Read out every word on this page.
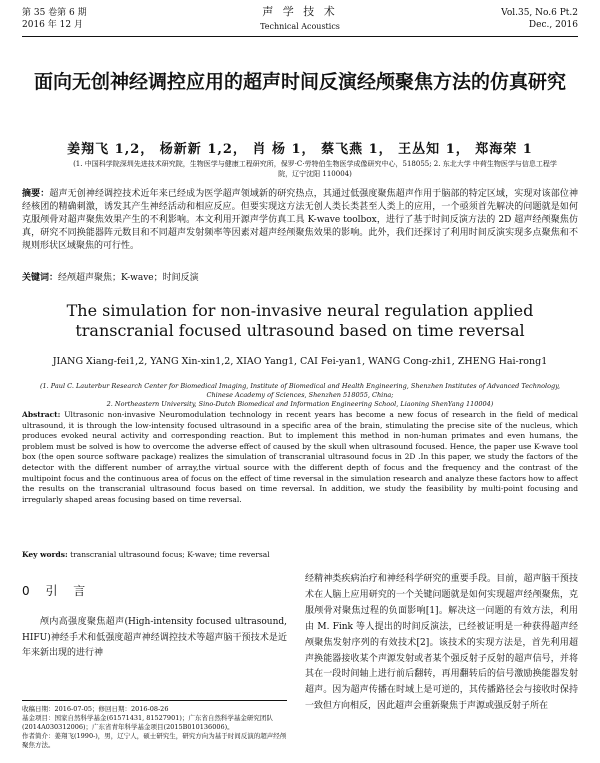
第 35 卷第 6 期
2016 年 12 月
声 学 技 术
Technical Acoustics
Vol.35, No.6 Pt.2
Dec., 2016
面向无创神经调控应用的超声时间反演经颅聚焦方法的仿真研究
姜翔飞 1,2， 杨新新 1,2， 肖 杨 1， 蔡飞燕 1， 王丛知 1， 郑海荣 1
(1. 中国科学院深圳先进技术研究院，生物医学与健康工程研究所，保罗·C·劳特伯生物医学成像研究中心，518055; 2. 东北大学 中荷生物医学与信息工程学院，辽宁沈阳 110004)
摘要：超声无创神经调控技术近年来已经成为医学超声领域新的研究热点，其通过低强度聚焦超声作用于脑部的特定区域，实现对该部位神经核团的精确刺激，诱发其产生神经活动和相应反应。但要实现这方法无创人类长类甚至人类上的应用，一个亟须首先解决的问题就是如何克服颅骨对超声聚焦效果产生的不利影响。本文利用开源声学仿真工具 K-wave toolbox，进行了基于时间反演方法的 2D 超声经颅聚焦仿真，研究不同换能器阵元数目和不同超声发射频率等因素对超声经颅聚焦效果的影响。此外，我们还探讨了利用时间反演实现多点聚焦和不规则形状区域聚焦的可行性。
关键词：经颅超声聚焦；K-wave；时间反演
The simulation for non-invasive neural regulation applied transcranial focused ultrasound based on time reversal
JIANG Xiang-fei1,2, YANG Xin-xin1,2, XIAO Yang1, CAI Fei-yan1, WANG Cong-zhi1, ZHENG Hai-rong1
(1. Paul C. Lauterbur Research Center for Biomedical Imaging, Institute of Biomedical and Health Engineering, Shenzhen Institutes of Advanced Technology, Chinese Academy of Sciences, Shenzhen 518055, China;
2. Northeastern University, Sino-Dutch Biomedical and Information Engineering School, Liaoning ShenYang 110004)
Abstract: Ultrasonic non-invasive Neuromodulation technology in recent years has become a new focus of research in the field of medical ultrasound, it is through the low-intensity focused ultrasound in a specific area of the brain, stimulating the precise site of the nucleus, which produces evoked neural activity and corresponding reaction. But to implement this method in non-human primates and even humans, the problem must be solved is how to overcome the adverse effect of caused by the skull when ultrasound focused. Hence, the paper use K-wave tool box (the open source software package) realizes the simulation of transcranial ultrasound focus in 2D .In this paper, we study the factors of the detector with the different number of array,the virtual source with the different depth of focus and the frequency and the contrast of the multipoint focus and the continuous area of focus on the effect of time reversal in the simulation research and analyze these factors how to affect the results on the transcranial ultrasound focus based on time reversal. In addition, we study the feasibility by multi-point focusing and irregularly shaped areas focusing based on time reversal.
Key words: transcranial ultrasound focus; K-wave; time reversal
0 引 言
颅内高强度聚焦超声(High-intensity focused ultrasound, HIFU)神经手术和低强度超声神经调控技术等超声脑干预技术是近年来新出现的进行神

收稿日期：2016-07-05；修回日期：2016-08-26

基金项目：国家自然科学基金(61571431, 81527901)；广东省自然科学基金研究团队(2014A030312006)；广东省青年科学基金项目(2015B010136006)。

作者简介：姜翔飞(1990-)，男，辽宁人，硕士研究生，研究方向为基于时间反演的超声经颅聚焦方法。

经精神类疾病治疗和神经科学研究的重要手段。目前，超声脑干预技术在人脑上应用研究的一个关键问题就是如何实现超声经颅聚焦，克服颅骨对聚焦过程的负面影响[1]。解决这一问题的有效方法，利用由 M. Fink 等人提出的时间反演法，已经被证明是一种获得超声经颅聚焦发射序列的有效技术[2]。该技术的实现方法是，首先利用超声换能器接收某个声源发射或者某个强反射子反射的超声信号，并将其在一段时间轴上进行前后翻转，再用翻转后的信号激励换能器发射超声。因为超声传播在时域上是可逆的，其传播路径会与接收时保持一致但方向相反，因此超声会重新聚焦于声源或强反射子所在
